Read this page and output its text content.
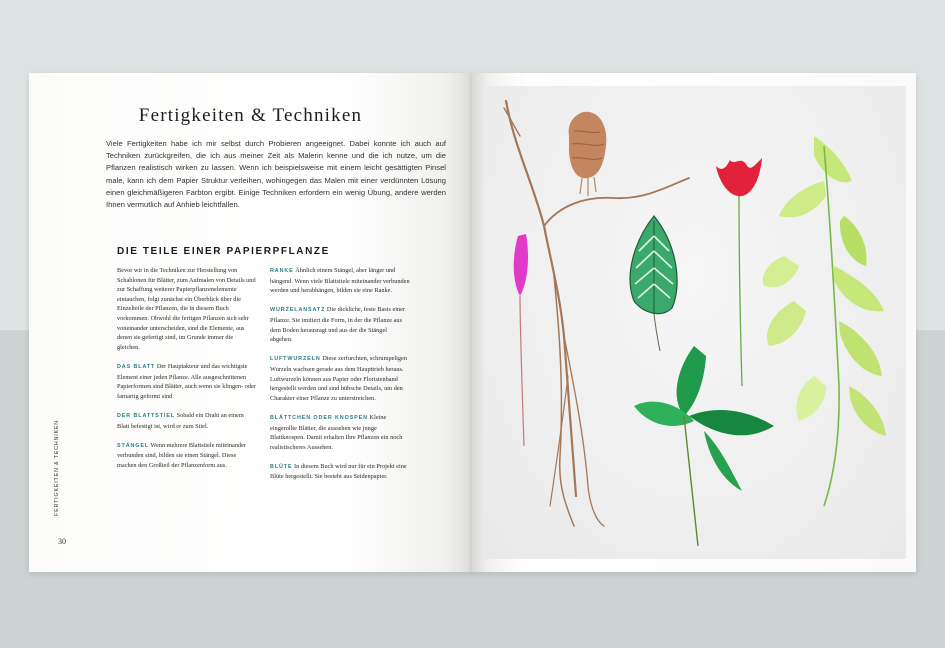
Fertigkeiten & Techniken
Viele Fertigkeiten habe ich mir selbst durch Probieren angeeignet. Dabei konnte ich auch auf Techniken zurückgreifen, die ich aus meiner Zeit als Malerin kenne und die ich nutze, um die Pflanzen realistisch wirken zu lassen. Wenn ich beispielsweise mit einem leicht gesättigten Pinsel male, kann ich dem Papier Struktur verleihen, wohingegen das Malen mit einer verdünnten Lösung einen gleichmäßigeren Farbton ergibt. Einige Techniken erfordern ein wenig Übung, andere werden Ihnen vermutlich auf Anhieb leichtfallen.
DIE TEILE EINER PAPIERPFLANZE

Bevor wir in die Techniken zur Herstellung von Schablonen für Blätter, zum Aufmalen von Details und zur Schaffung weiterer Papierpflanzenelemente eintauchen, folgt zunächst ein Überblick über die Einzelteile der Pflanzen, die in diesem Buch vorkommen. Obwohl die fertigen Pflanzen sich sehr voneinander unterscheiden, sind die Elemente, aus denen sie gefertigt sind, im Grunde immer die gleichen.

DAS BLATT Der Hauptakteur und das wichtigste Element einer jeden Pflanze. Alle ausgeschnittenen Papierformen sind Blätter, auch wenn sie klingen- oder farnartig geformt sind.

DER BLATTSTIEL Sobald ein Draht an einem Blatt befestigt ist, wird er zum Stiel.

STÄNGEL Wenn mehrere Blattstiele miteinander verbunden sind, bilden sie einen Stängel. Diese machen den Großteil der Pflanzenform aus.

RANKE Ähnlich einem Stängel, aber länger und hängend. Wenn viele Blattstiele miteinander verbunden werden und herabhängen, bilden sie eine Ranke.

WURZELANSATZ Die dickliche, feste Basis einer Pflanze. Sie imitiert die Form, in der die Pflanze aus dem Boden herausragt und aus der die Stängel abgehen.

LUFTWURZELN Diese zerfurchten, schrumpeligen Wurzeln wachsen gerade aus dem Haupttrieb heraus. Luftwurzeln können aus Papier oder Floristenband hergestellt werden und sind hübsche Details, um den Charakter einer Pflanze zu unterstreichen.

BLÄTTCHEN ODER KNOSPEN Kleine eingerollte Blätter, die aussehen wie junge Blattknospen. Damit erhalten Ihre Pflanzen ein noch realistischeres Aussehen.

BLÜTE In diesem Buch wird nur für ein Projekt eine Blüte hergestellt. Sie besteht aus Seidenpapier.

FERTIGKEITEN & TECHNIKEN
30
